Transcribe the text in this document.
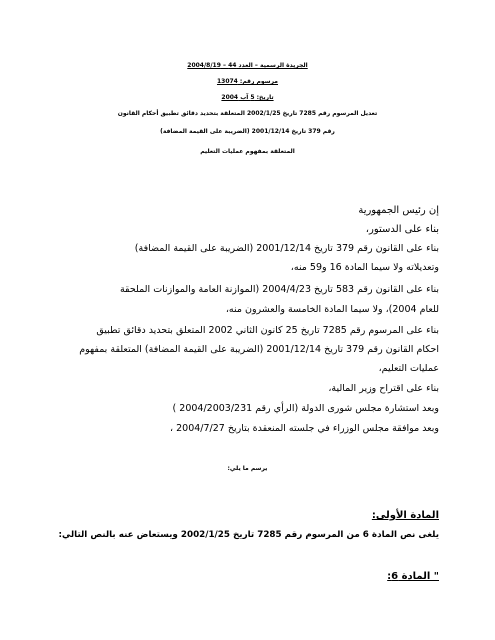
الجريدة الرسمية – العدد 44 – 2004/8/19
مرسوم رقم: 13074
تاريخ: 5 آب 2004
تعديل المرسوم رقم 7285 تاريخ 2002/1/25 المتعلقة بتحديد دقائق تطبيق أحكام القانون
رقم 379 تاريخ 2001/12/14 (الضريبة على القيمة المضافة)
المتعلقة بمفهوم عمليات التعليم
إن رئيس الجمهورية
بناء على الدستور،
بناء على القانون رقم 379 تاريخ 2001/12/14 (الضريبة على القيمة المضافة)
وتعديلاته ولا سيما المادة 16 و59 منه،
بناء على القانون رقم 583 تاريخ 2004/4/23 (الموازنة العامة والموازنات الملحقة
للعام 2004)، ولا سيما المادة الخامسة والعشرون منه،
بناء على المرسوم رقم 7285 تاريخ 25 كانون الثاني 2002 المتعلق بتحديد دقائق تطبيق
احكام القانون رقم 379 تاريخ 2001/12/14 (الضريبة على القيمة المضافة) المتعلقة بمفهوم
عمليات التعليم،
بناء على اقتراح وزير المالية،
وبعد استشارة مجلس شورى الدولة (الرأي رقم 2004/2003/231 )
وبعد موافقة مجلس الوزراء في جلسته المنعقدة بتاريخ 2004/7/27 ،
يرسم ما يلي:
المادة الأولى:
يلغى نص المادة 6 من المرسوم رقم 7285 تاريخ 2002/1/25 ويستعاض عنه بالنص التالي:
" المادة 6:
